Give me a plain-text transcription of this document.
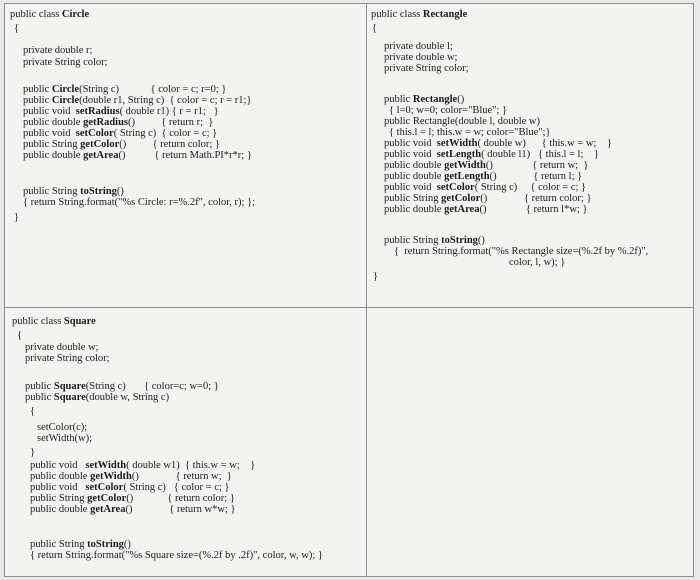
public class Circle
{
private double r;
private String color;
public Circle(String c)            { color = c; r=0; }
public Circle(double r1, String c)  { color = c; r = r1;}
public void  setRadius( double r1) { r = r1;   }
public double getRadius()          { return r;  }
public void  setColor( String c)  { color = c; }
public String getColor()          { return color; }
public double getArea()           { return Math.PI*r*r; }
public String toString()
{ return String.format("%s Circle: r=%.2f", color, r); };
}
public class Rectangle
{
private double l;
private double w;
private String color;
public Rectangle()
{ l=0; w=0; color="Blue"; }
public Rectangle(double l, double w)
{ this.l = l; this.w = w; color="Blue";}
public void  setWidth( double w)      { this.w = w;    }
public void  setLength( double l1)   { this.l = l;    }
public double getWidth()               { return w;  }
public double getLength()              { return l; }
public void  setColor( String c)     { color = c; }
public String getColor()              { return color; }
public double getArea()               { return l*w; }
public String toString()
{  return String.format("%s Rectangle size=(%.2f by %.2f)",
color, l, w); }
}
public class Square
{
private double w;
private String color;
public Square(String c)       { color=c; w=0; }
public Square(double w, String c)
{
setColor(c);
setWidth(w);
}
public void   setWidth( double w1)  { this.w = w;    }
public double getWidth()              { return w;  }
public void   setColor( String c)   { color = c; }
public String getColor()             { return color; }
public double getArea()              { return w*w; }
public String toString()
{ return String.format("%s Square size=(%.2f by .2f)", color, w, w); }
